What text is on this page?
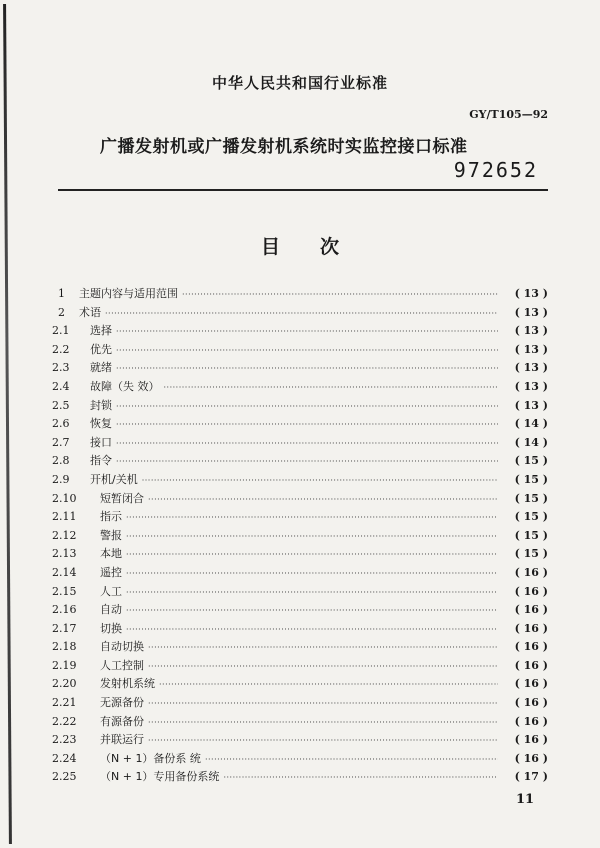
中华人民共和国行业标准
GY/T105—92
广播发射机或广播发射机系统时实监控接口标准
972652
目 次
1	主题内容与适用范围 ·····	( 13 )
2	术语 ·····	( 13 )
2.1	选择 ·····	( 13 )
2.2	优先 ·····	( 13 )
2.3	就绪 ·····	( 13 )
2.4	故障（失 效） ·····	( 13 )
2.5	封锁 ·····	( 13 )
2.6	恢复 ·····	( 14 )
2.7	接口 ·····	( 14 )
2.8	指令 ·····	( 15 )
2.9	开机/关机 ·····	( 15 )
2.10	短暂闭合 ·····	( 15 )
2.11	指示 ·····	( 15 )
2.12	警报 ·····	( 15 )
2.13	本地 ·····	( 15 )
2.14	遥控 ·····	( 16 )
2.15	人工 ·····	( 16 )
2.16	自动 ·····	( 16 )
2.17	切换 ·····	( 16 )
2.18	自动切换 ·····	( 16 )
2.19	人工控制 ·····	( 16 )
2.20	发射机系统 ·····	( 16 )
2.21	无源备份 ·····	( 16 )
2.22	有源备份 ·····	( 16 )
2.23	并联运行 ·····	( 16 )
2.24	（N + 1）备份系 统 ·····	( 16 )
2.25	（N + 1）专用备份系统 ·····	( 17 )
11
